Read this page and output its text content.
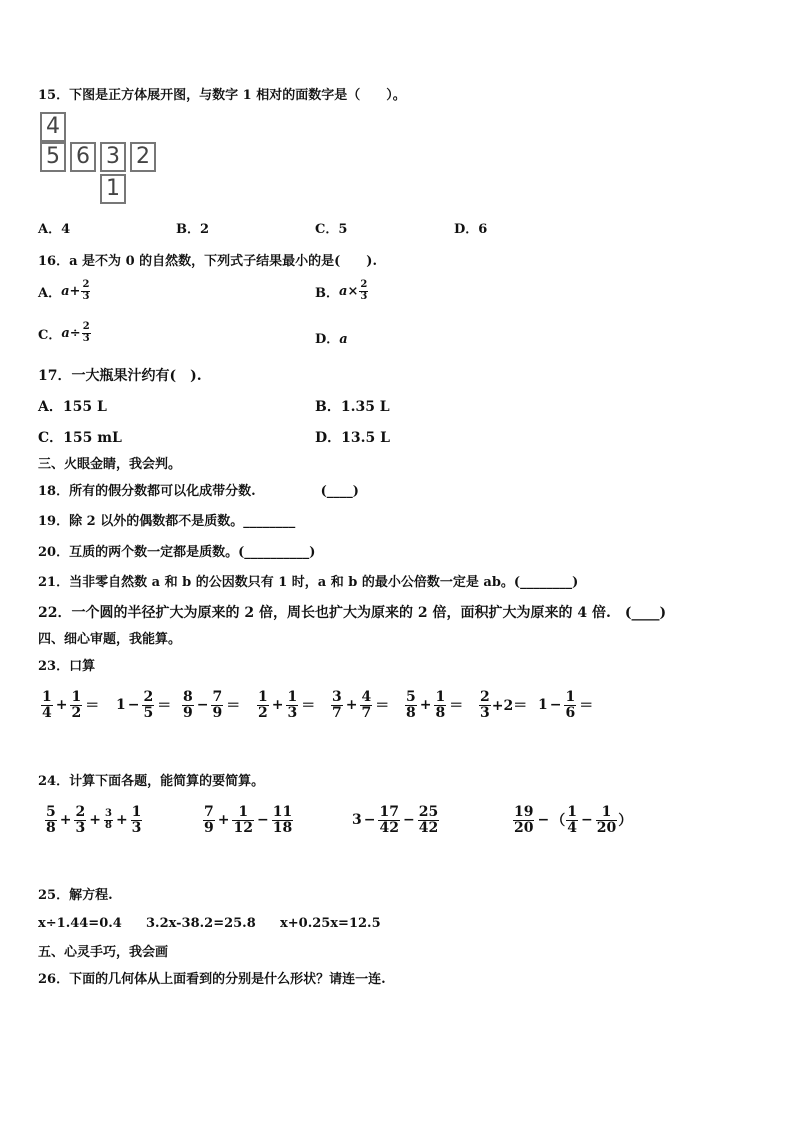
15．下图是正方体展开图，与数字 1 相对的面数字是（　　）。
4
5 6 3 2
1
A．4	B．2	C．5	D．6
16．a 是不为 0 的自然数，下列式子结果最小的是(　　).
A． $a + \frac{2}{3}$	B． $a \times \frac{2}{3}$
C． $a \div \frac{2}{3}$	D．a
17．一大瓶果汁约有(　).
A．155 L	B．1.35 L
C．155 mL	D．13.5 L
三、火眼金睛，我会判。
18．所有的假分数都可以化成带分数.　　　　　(____)
19．除 2 以外的偶数都不是质数。________
20．互质的两个数一定都是质数。(__________)
21．当非零自然数 a 和 b 的公因数只有 1 时，a 和 b 的最小公倍数一定是 ab。(________)
22．一个圆的半径扩大为原来的 2 倍，周长也扩大为原来的 2 倍，面积扩大为原来的 4 倍.　(____)
四、细心审题，我能算。
23．口算
$\frac{1}{4} + \frac{1}{2} = 1 - \frac{2}{5} = \frac{8}{9} - \frac{7}{9} = \frac{1}{2} + \frac{1}{3} = \frac{3}{7} + \frac{4}{7} = \frac{5}{8} + \frac{1}{8} = \frac{2}{3} +2= 1 - \frac{1}{6}$ ＝
24．计算下面各题，能简算的要简算。
$\frac{5}{8} + \frac{2}{3} + \frac{3}{8} + \frac{1}{3}$	$\frac{7}{9} + \frac{1}{12} - \frac{11}{18}$	$3 - \frac{17}{42} - \frac{25}{42}$	$\frac{19}{20}$ − （ $\frac{1}{4} - \frac{1}{20}$ ）
25．解方程.
x÷1.44=0.4 3.2x-38.2=25.8 x+0.25x=12.5
五、心灵手巧，我会画
26．下面的几何体从上面看到的分别是什么形状？请连一连.
